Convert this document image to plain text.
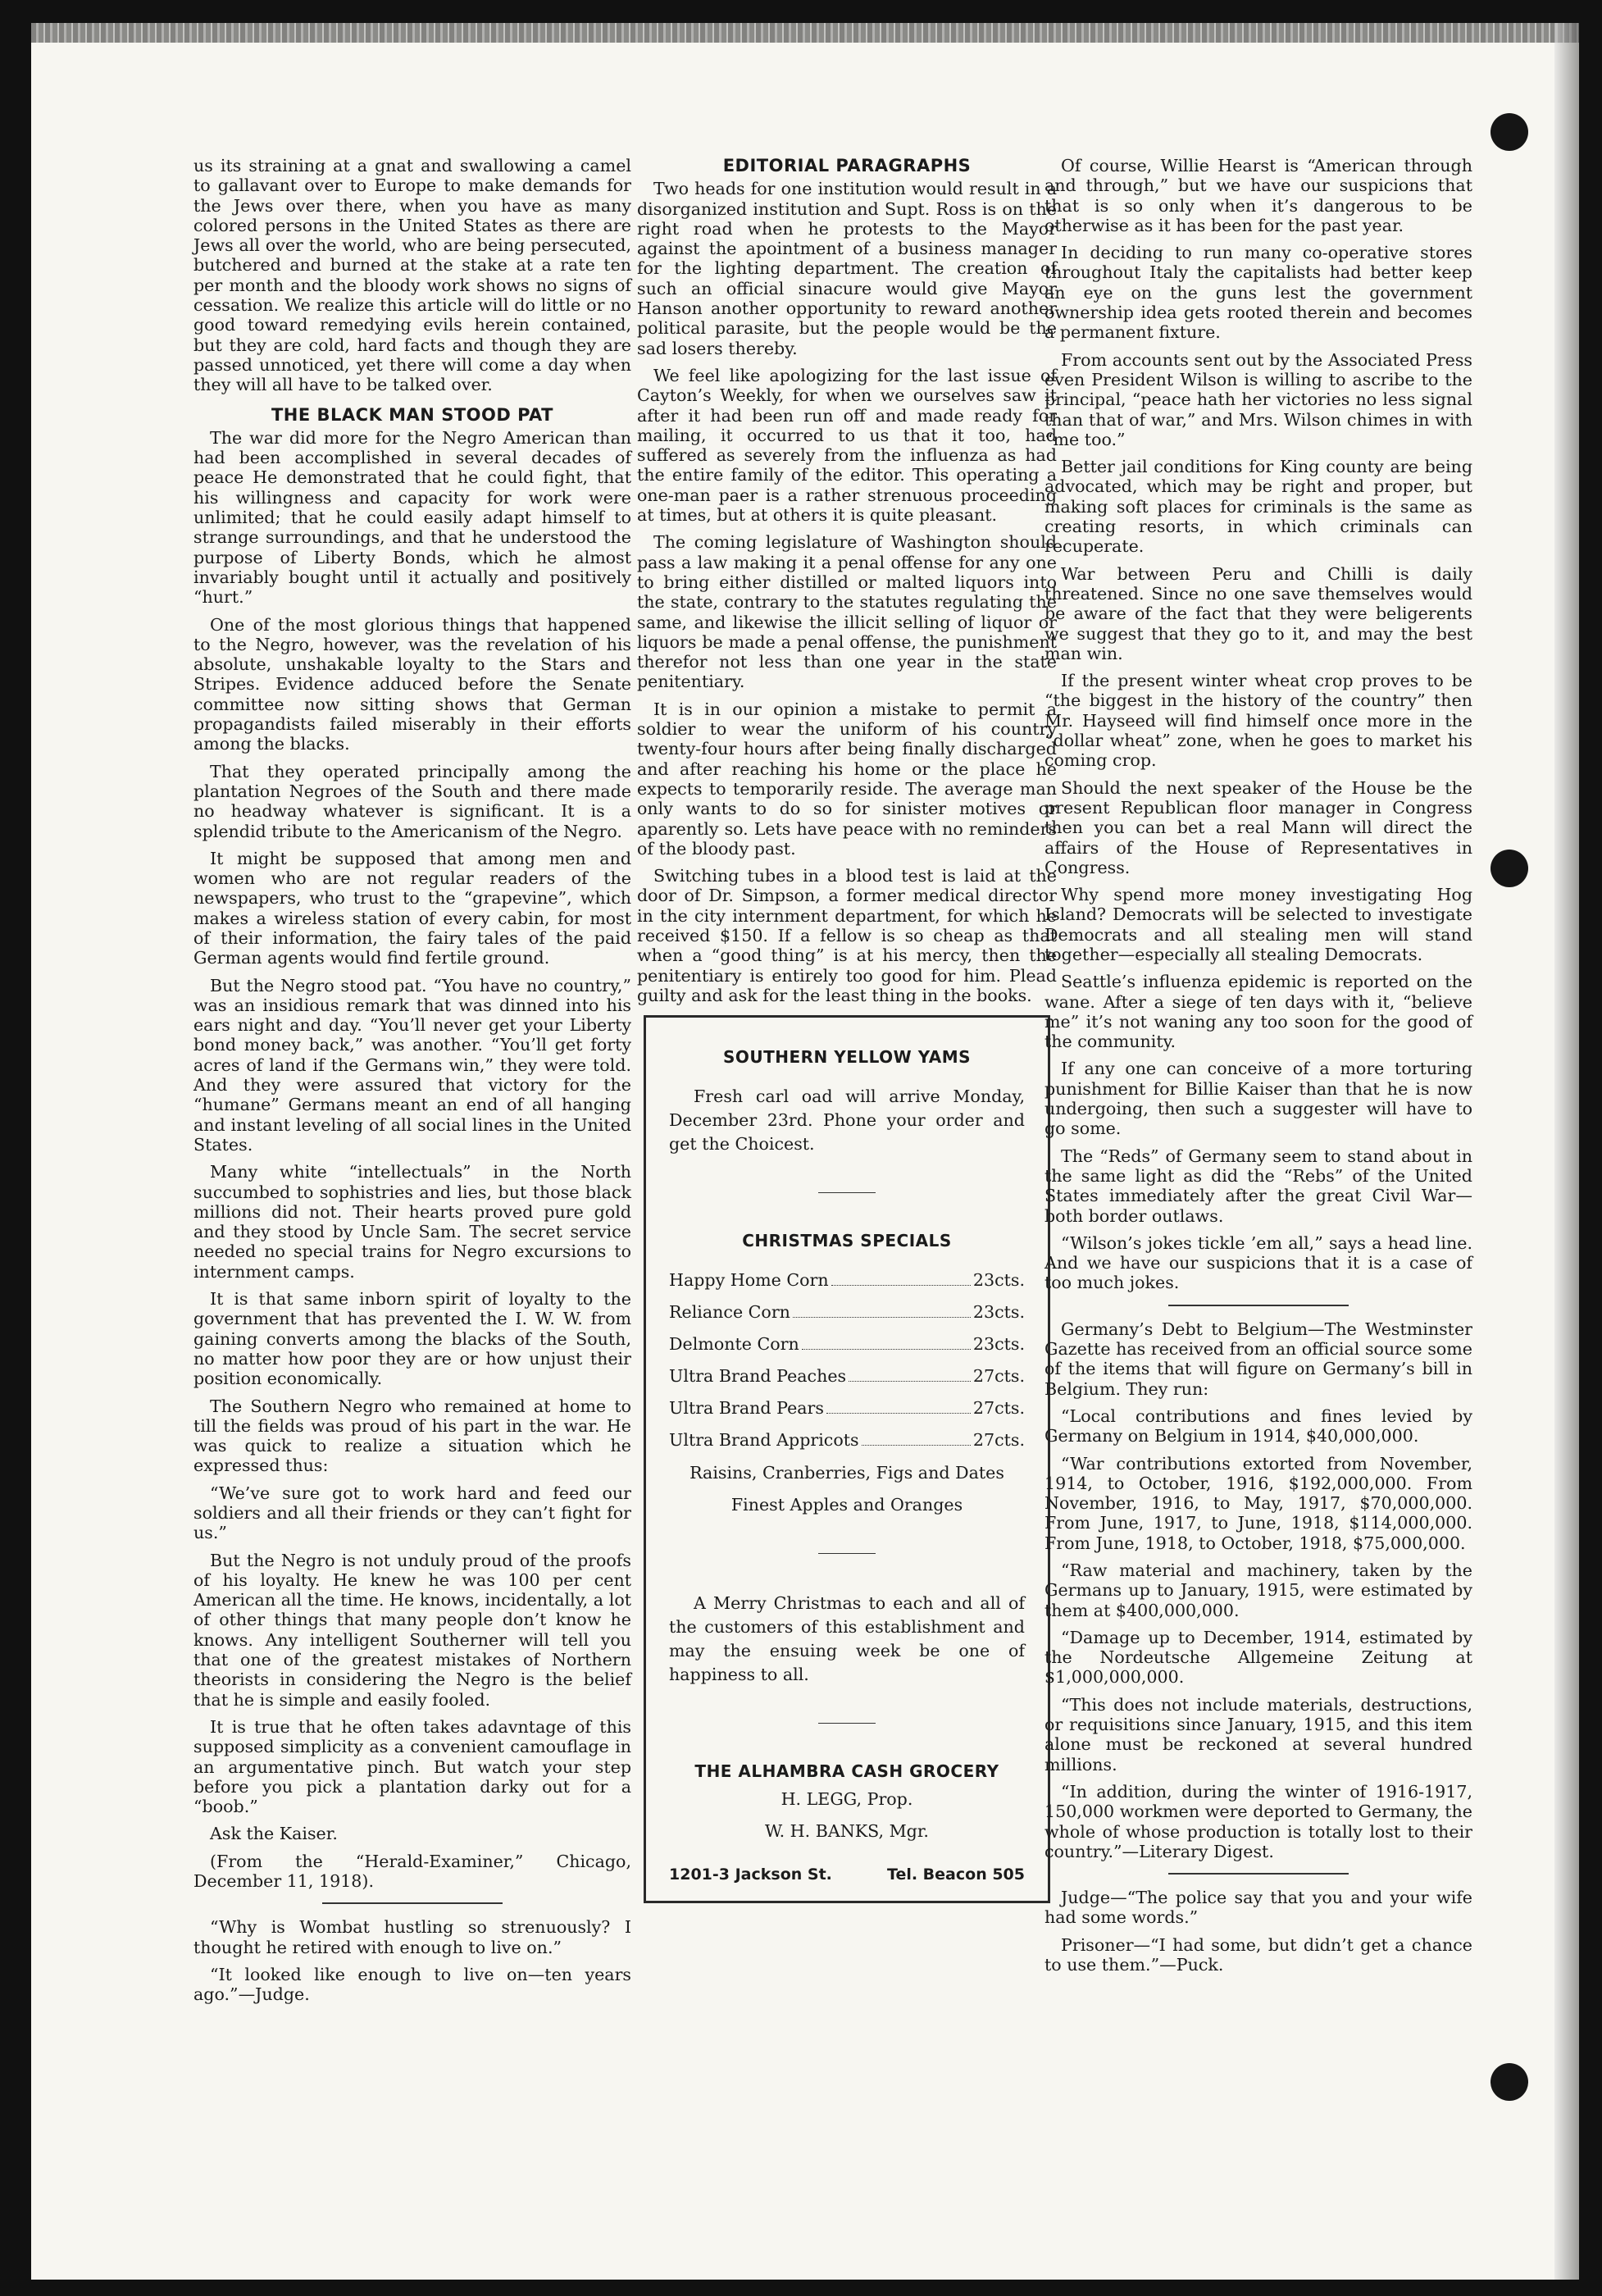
us its straining at a gnat and swallowing a camel to gallavant over to Europe to make demands for the Jews over there, when you have as many colored persons in the United States as there are Jews all over the world, who are being persecuted, butchered and burned at the stake at a rate ten per month and the bloody work shows no signs of cessation. We realize this article will do little or no good toward remedying evils herein contained, but they are cold, hard facts and though they are passed unnoticed, yet there will come a day when they will all have to be talked over.

THE BLACK MAN STOOD PAT

The war did more for the Negro American than had been accomplished in several decades of peace He demonstrated that he could fight, that his willingness and capacity for work were unlimited; that he could easily adapt himself to strange surroundings, and that he understood the purpose of Liberty Bonds, which he almost invariably bought until it actually and positively “hurt.”

One of the most glorious things that happened to the Negro, however, was the revelation of his absolute, unshakable loyalty to the Stars and Stripes. Evidence adduced before the Senate committee now sitting shows that German propagandists failed miserably in their efforts among the blacks.

That they operated principally among the plantation Negroes of the South and there made no headway whatever is significant. It is a splendid tribute to the Americanism of the Negro.

It might be supposed that among men and women who are not regular readers of the newspapers, who trust to the “grapevine”, which makes a wireless station of every cabin, for most of their information, the fairy tales of the paid German agents would find fertile ground.

But the Negro stood pat. “You have no country,” was an insidious remark that was dinned into his ears night and day. “You’ll never get your Liberty bond money back,” was another. “You’ll get forty acres of land if the Germans win,” they were told. And they were assured that victory for the “humane” Germans meant an end of all hanging and instant leveling of all social lines in the United States.

Many white “intellectuals” in the North succumbed to sophistries and lies, but those black millions did not. Their hearts proved pure gold and they stood by Uncle Sam. The secret service needed no special trains for Negro excursions to internment camps.

It is that same inborn spirit of loyalty to the government that has prevented the I. W. W. from gaining converts among the blacks of the South, no matter how poor they are or how unjust their position economically.

The Southern Negro who remained at home to till the fields was proud of his part in the war. He was quick to realize a situation which he expressed thus:

“We’ve sure got to work hard and feed our soldiers and all their friends or they can’t fight for us.”

But the Negro is not unduly proud of the proofs of his loyalty. He knew he was 100 per cent American all the time. He knows, incidentally, a lot of other things that many people don’t know he knows. Any intelligent Southerner will tell you that one of the greatest mistakes of Northern theorists in considering the Negro is the belief that he is simple and easily fooled.

It is true that he often takes adavntage of this supposed simplicity as a convenient camouflage in an argumentative pinch. But watch your step before you pick a plantation darky out for a “boob.”

Ask the Kaiser.

(From the “Herald-Examiner,” Chicago, December 11, 1918).

“Why is Wombat hustling so strenuously? I thought he retired with enough to live on.”

“It looked like enough to live on—ten years ago.”—Judge.

EDITORIAL PARAGRAPHS

Two heads for one institution would result in a disorganized institution and Supt. Ross is on the right road when he protests to the Mayor against the apointment of a business manager for the lighting department. The creation of such an official sinacure would give Mayor Hanson another opportunity to reward another political parasite, but the people would be the sad losers thereby.

We feel like apologizing for the last issue of Cayton’s Weekly, for when we ourselves saw it after it had been run off and made ready for mailing, it occurred to us that it too, had suffered as severely from the influenza as had the entire family of the editor. This operating a one-man paer is a rather strenuous proceeding at times, but at others it is quite pleasant.

The coming legislature of Washington should pass a law making it a penal offense for any one to bring either distilled or malted liquors into the state, contrary to the statutes regulating the same, and likewise the illicit selling of liquor or liquors be made a penal offense, the punishment therefor not less than one year in the state penitentiary.

It is in our opinion a mistake to permit a soldier to wear the uniform of his country twenty-four hours after being finally discharged and after reaching his home or the place he expects to temporarily reside. The average man only wants to do so for sinister motives or aparently so. Lets have peace with no reminders of the bloody past.

Switching tubes in a blood test is laid at the door of Dr. Simpson, a former medical director in the city internment department, for which he received $150. If a fellow is so cheap as that when a “good thing” is at his mercy, then the penitentiary is entirely too good for him. Plead guilty and ask for the least thing in the books.

SOUTHERN YELLOW YAMS

Fresh carl oad will arrive Monday, December 23rd. Phone your order and get the Choicest.

CHRISTMAS SPECIALS
Happy Home Corn	23cts.
Reliance Corn	23cts.
Delmonte Corn	23cts.
Ultra Brand Peaches	27cts.
Ultra Brand Pears	27cts.
Ultra Brand Appricots	27cts.

Raisins, Cranberries, Figs and Dates

Finest Apples and Oranges

A Merry Christmas to each and all of the customers of this establishment and may the ensuing week be one of happiness to all.

THE ALHAMBRA CASH GROCERY

H. LEGG, Prop.

W. H. BANKS, Mgr.

1201-3 Jackson St.	Tel. Beacon 505

Of course, Willie Hearst is “American through and through,” but we have our suspicions that that is so only when it’s dangerous to be otherwise as it has been for the past year.

In deciding to run many co-operative stores throughout Italy the capitalists had better keep an eye on the guns lest the government ownership idea gets rooted therein and becomes a permanent fixture.

From accounts sent out by the Associated Press even President Wilson is willing to ascribe to the principal, “peace hath her victories no less signal than that of war,” and Mrs. Wilson chimes in with “me too.”

Better jail conditions for King county are being advocated, which may be right and proper, but making soft places for criminals is the same as creating resorts, in which criminals can recuperate.

War between Peru and Chilli is daily threatened. Since no one save themselves would be aware of the fact that they were beligerents we suggest that they go to it, and may the best man win.

If the present winter wheat crop proves to be “the biggest in the history of the country” then Mr. Hayseed will find himself once more in the “dollar wheat” zone, when he goes to market his coming crop.

Should the next speaker of the House be the present Republican floor manager in Congress then you can bet a real Mann will direct the affairs of the House of Representatives in Congress.

Why spend more money investigating Hog Island? Democrats will be selected to investigate Democrats and all stealing men will stand together—especially all stealing Democrats.

Seattle’s influenza epidemic is reported on the wane. After a siege of ten days with it, “believe me” it’s not waning any too soon for the good of the community.

If any one can conceive of a more torturing punishment for Billie Kaiser than that he is now undergoing, then such a suggester will have to go some.

The “Reds” of Germany seem to stand about in the same light as did the “Rebs” of the United States immediately after the great Civil War—both border outlaws.

“Wilson’s jokes tickle ’em all,” says a head line. And we have our suspicions that it is a case of too much jokes.

Germany’s Debt to Belgium—The Westminster Gazette has received from an official source some of the items that will figure on Germany’s bill in Belgium. They run:

“Local contributions and fines levied by Germany on Belgium in 1914, $40,000,000.

“War contributions extorted from November, 1914, to October, 1916, $192,000,000. From November, 1916, to May, 1917, $70,000,000. From June, 1917, to June, 1918, $114,000,000. From June, 1918, to October, 1918, $75,000,000.

“Raw material and machinery, taken by the Germans up to January, 1915, were estimated by them at $400,000,000.

“Damage up to December, 1914, estimated by the Nordeutsche Allgemeine Zeitung at $1,000,000,000.

“This does not include materials, destructions, or requisitions since January, 1915, and this item alone must be reckoned at several hundred millions.

“In addition, during the winter of 1916-1917, 150,000 workmen were deported to Germany, the whole of whose production is totally lost to their country.”—Literary Digest.

Judge—“The police say that you and your wife had some words.”

Prisoner—“I had some, but didn’t get a chance to use them.”—Puck.
